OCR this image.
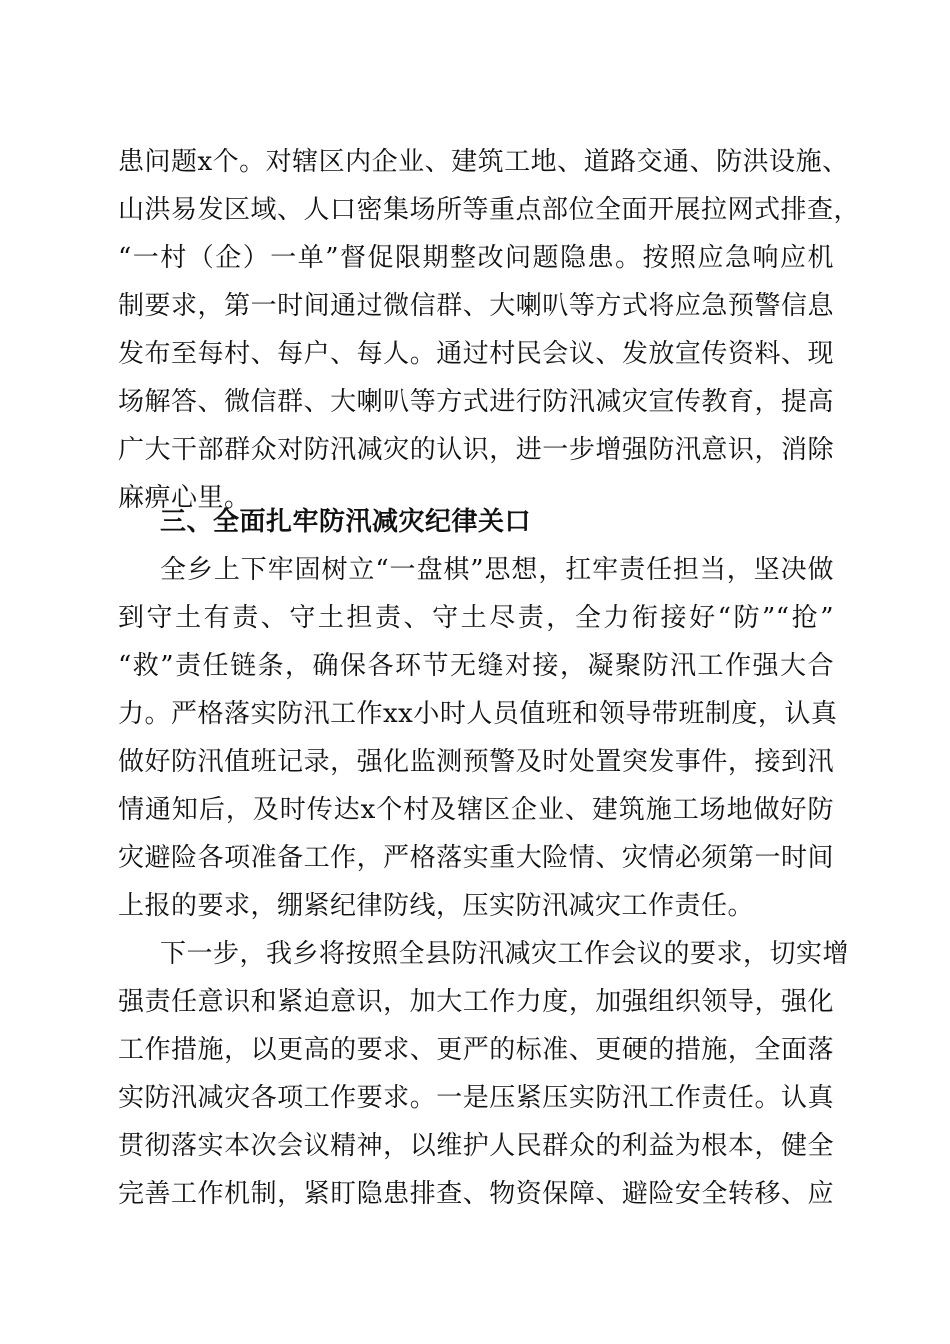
患问题x个。对辖区内企业、建筑工地、道路交通、防洪设施、
山洪易发区域、人口密集场所等重点部位全面开展拉网式排查，
“一村（企）一单”督促限期整改问题隐患。按照应急响应机
制要求，第一时间通过微信群、大喇叭等方式将应急预警信息
发布至每村、每户、每人。通过村民会议、发放宣传资料、现
场解答、微信群、大喇叭等方式进行防汛减灾宣传教育，提高
广大干部群众对防汛减灾的认识，进一步增强防汛意识，消除
麻痹心里。
三、全面扎牢防汛减灾纪律关口
全乡上下牢固树立“一盘棋”思想，扛牢责任担当，坚决做
到守土有责、守土担责、守土尽责，全力衔接好“防”“抢”
“救”责任链条，确保各环节无缝对接，凝聚防汛工作强大合
力。严格落实防汛工作xx小时人员值班和领导带班制度，认真
做好防汛值班记录，强化监测预警及时处置突发事件，接到汛
情通知后，及时传达x个村及辖区企业、建筑施工场地做好防
灾避险各项准备工作，严格落实重大险情、灾情必须第一时间
上报的要求，绷紧纪律防线，压实防汛减灾工作责任。
下一步，我乡将按照全县防汛减灾工作会议的要求，切实增
强责任意识和紧迫意识，加大工作力度，加强组织领导，强化
工作措施，以更高的要求、更严的标准、更硬的措施，全面落
实防汛减灾各项工作要求。一是压紧压实防汛工作责任。认真
贯彻落实本次会议精神，以维护人民群众的利益为根本，健全
完善工作机制，紧盯隐患排查、物资保障、避险安全转移、应
